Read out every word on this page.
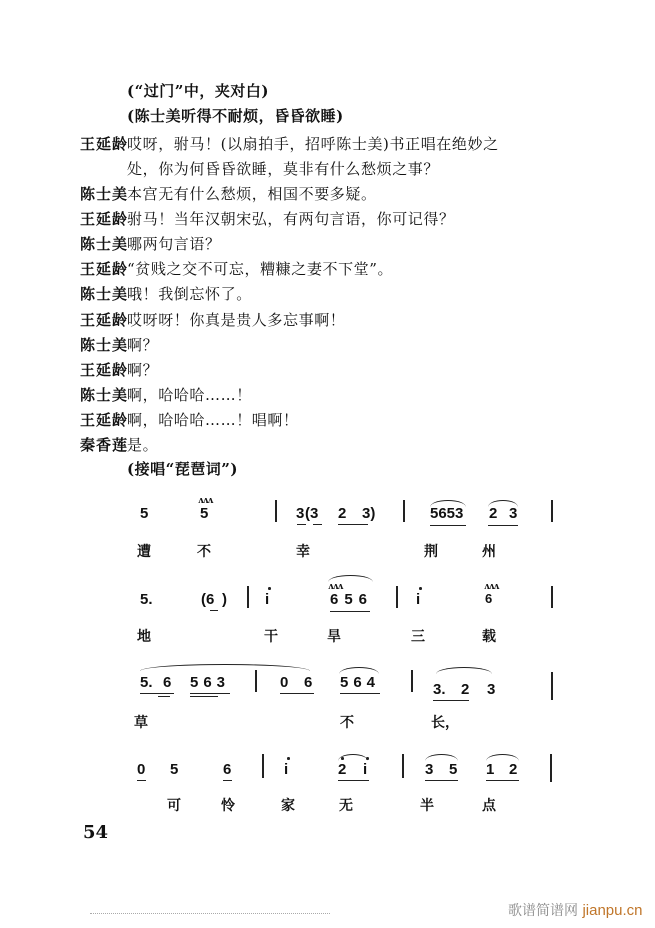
(“过门”中，夹对白)
(陈士美听得不耐烦，昏昏欲睡)
王延龄
哎呀，驸马！(以扇拍手，招呼陈士美)书正唱在绝妙之
处，你为何昏昏欲睡，莫非有什么愁烦之事？
陈士美
本宫无有什么愁烦，相国不要多疑。
王延龄
驸马！当年汉朝宋弘，有两句言语，你可记得？
陈士美
哪两句言语？
王延龄
“贫贱之交不可忘，糟糠之妻不下堂”。
陈士美
哦！我倒忘怀了。
王延龄
哎呀呀！你真是贵人多忘事啊！
陈士美
啊？
王延龄
啊？
陈士美
啊，哈哈哈……！
王延龄
啊，哈哈哈……！唱啊！
秦香莲
是。
(接唱“琵琶词”)
5
ʌʌʌ
5	3 (3 2 3)	5653 2 3
遭	不	幸	荆	州
5.	(6 )	i
ʌʌʌ
656	i
ʌʌʌ
6
地	干	旱	三	载
5. 6 563	0 6 564	3. 2 3
草	不	长，
0 5	6	i	2 i	3 5 1 2
可	怜	家	无	半	点
54
歌谱简谱网 jianpu.cn
